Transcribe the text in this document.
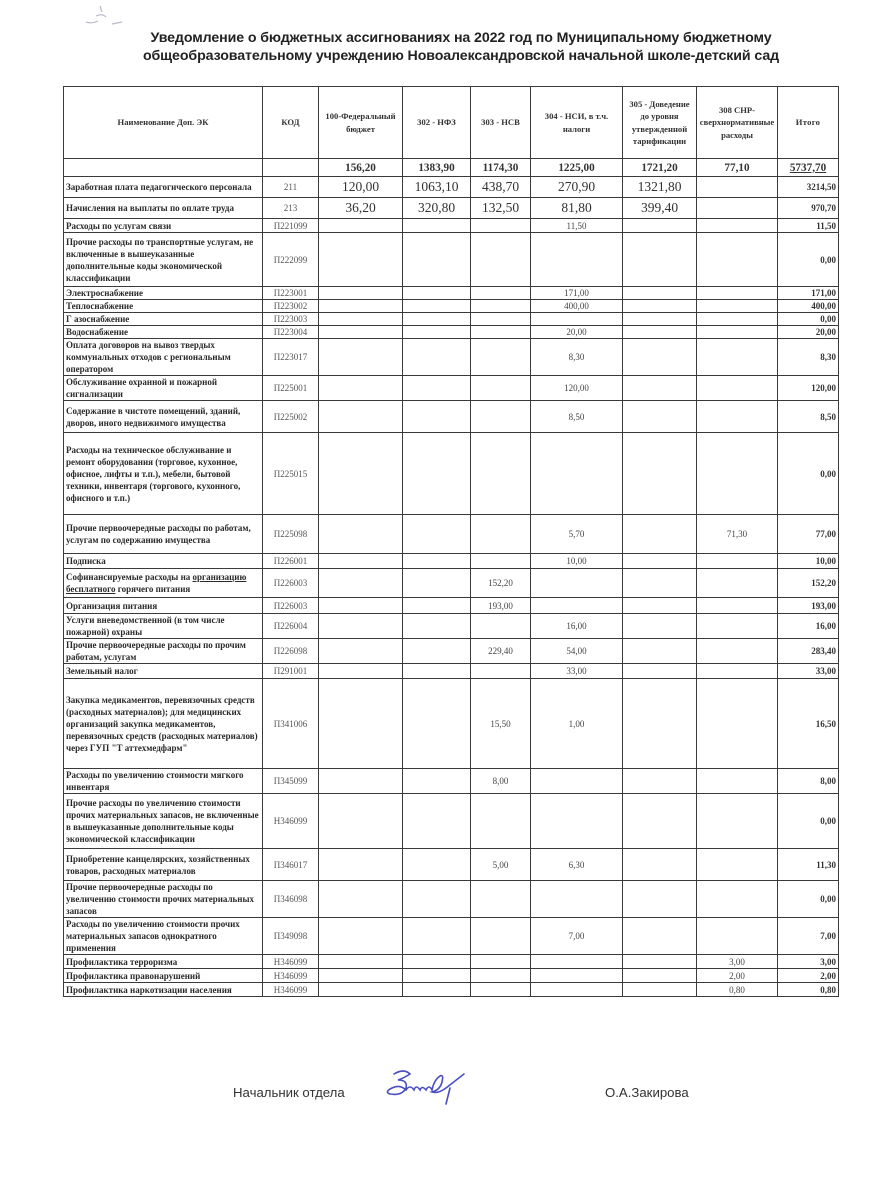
Уведомление о бюджетных ассигнованиях на 2022 год по Муниципальному бюджетному
общеобразовательному учреждению Новоалександровской начальной школе-детский сад
Наименование Доп. ЭК	КОД	100-Федеральный бюджет	302 - НФЗ	303 - НСВ	304 - НСИ, в т.ч. налоги	305 - Доведение до уровня утвержденной тарификации	308 СНР-сверхнормативные расходы	Итого
		156,20	1383,90	1174,30	1225,00	1721,20	77,10	5737,70
Заработная плата педагогического персонала	211	120,00	1063,10	438,70	270,90	1321,80		3214,50
Начисления на выплаты по оплате труда	213	36,20	320,80	132,50	81,80	399,40		970,70
Расходы по услугам связи	П221099				11,50			11,50
Прочие расходы по транспортные услугам, не включенные в вышеуказанные дополнительные коды экономической классификации	П222099							0,00
Электроснабжение	П223001				171,00			171,00
Теплоснабжение	П223002				400,00			400,00
Г азоснабжение	П223003							0,00
Водоснабжение	П223004				20,00			20,00
Оплата договоров на вывоз твердых коммунальных отходов с региональным оператором	П223017				8,30			8,30
Обслуживание охранной и пожарной сигнализации	П225001				120,00			120,00
Содержание в чистоте помещений, зданий, дворов, иного недвижимого имущества	П225002				8,50			8,50
Расходы на техническое обслуживание и ремонт оборудования (торговое, кухонное, офисное, лифты и т.п.), мебели, бытовой техники, инвентаря (торгового, кухонного, офисного и т.п.)	П225015							0,00
Прочие первоочередные расходы по работам, услугам по содержанию имущества	П225098				5,70		71,30	77,00
Подписка	П226001				10,00			10,00
Софинансируемые расходы на организацию бесплатного горячего питания	П226003			152,20				152,20
Организация питания	П226003			193,00				193,00
Услуги вневедомственной (в том числе пожарной) охраны	П226004				16,00			16,00
Прочие первоочередные расходы по прочим работам, услугам	П226098			229,40	54,00			283,40
Земельный налог	П291001				33,00			33,00
Закупка медикаментов, перевязочных средств (расходных материалов); для медицинских организаций закупка медикаментов, перевязочных средств (расходных материалов) через ГУП "Т аттехмедфарм"	П341006			15,50	1,00			16,50
Расходы по увеличению стоимости мягкого инвентаря	П345099			8,00				8,00
Прочие расходы по увеличению стоимости прочих материальных запасов, не включенные в вышеуказанные дополнительные коды экономической классификации	Н346099							0,00
Приобретение канцелярских, хозяйственных товаров, расходных материалов	П346017			5,00	6,30			11,30
Прочие первоочередные расходы по увеличению стоимости прочих материальных запасов	П346098							0,00
Расходы по увеличению стоимости прочих материальных запасов однократного применения	П349098				7,00			7,00
Профилактика терроризма	Н346099						3,00	3,00
Профилактика правонарушений	Н346099						2,00	2,00
Профилактика наркотизации населения	Н346099						0,80	0,80
Начальник отдела	О.А.Закирова
